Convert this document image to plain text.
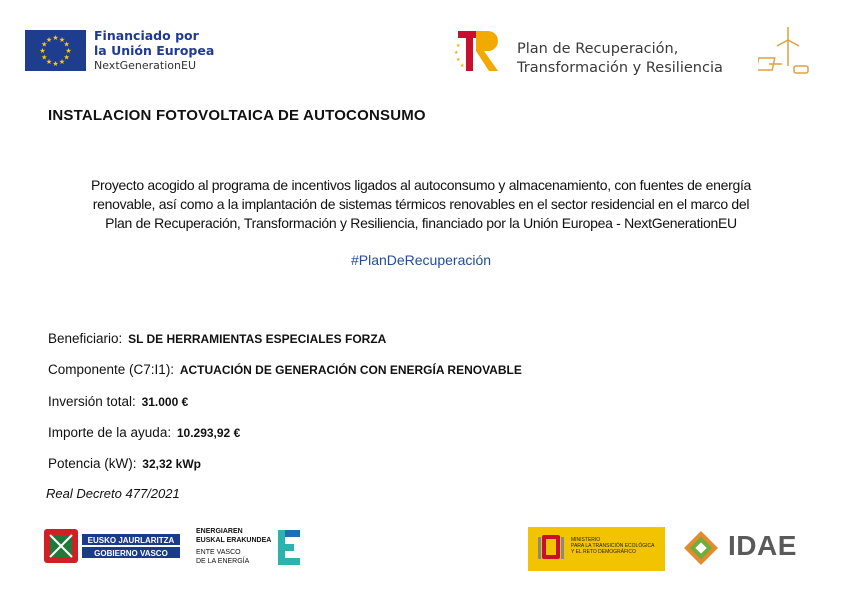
★ ★
★
★
★
★
★
★
★
★
★
★	Financiado por
la Unión Europea
NextGenerationEU
★
★
★
★
Plan de Recuperación,
Transformación y Resiliencia
INSTALACION FOTOVOLTAICA DE AUTOCONSUMO
Proyecto acogido al programa de incentivos ligados al autoconsumo y almacenamiento, con fuentes de energía
renovable, así como a la implantación de sistemas térmicos renovables en el sector residencial en el marco del
Plan de Recuperación, Transformación y Resiliencia, financiado por la Unión Europea - NextGenerationEU
#PlanDeRecuperación
Beneficiario: SL DE HERRAMIENTAS ESPECIALES FORZA
Componente (C7:I1): ACTUACIÓN DE GENERACIÓN CON ENERGÍA RENOVABLE
Inversión total: 31.000 €
Importe de la ayuda: 10.293,92 €
Potencia (kW): 32,32 kWp
Real Decreto 477/2021
EUSKO JAURLARITZA
GOBIERNO VASCO
ENERGIAREN
EUSKAL ERAKUNDEA
ENTE VASCO
DE LA ENERGÍA
MINISTERIO
PARA LA TRANSICIÓN ECOLÓGICA
Y EL RETO DEMOGRÁFICO	IDAE
